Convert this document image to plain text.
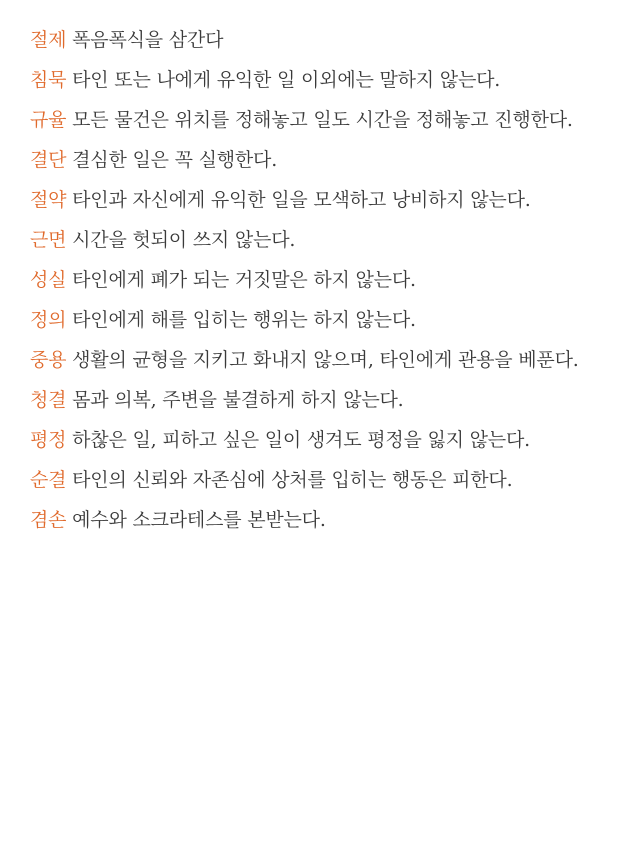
절제 폭음폭식을 삼간다
침묵 타인 또는 나에게 유익한 일 이외에는 말하지 않는다.
규율 모든 물건은 위치를 정해놓고 일도 시간을 정해놓고 진행한다.
결단 결심한 일은 꼭 실행한다.
절약 타인과 자신에게 유익한 일을 모색하고 낭비하지 않는다.
근면 시간을 헛되이 쓰지 않는다.
성실 타인에게 폐가 되는 거짓말은 하지 않는다.
정의 타인에게 해를 입히는 행위는 하지 않는다.
중용 생활의 균형을 지키고 화내지 않으며, 타인에게 관용을 베푼다.
청결 몸과 의복, 주변을 불결하게 하지 않는다.
평정 하찮은 일, 피하고 싶은 일이 생겨도 평정을 잃지 않는다.
순결 타인의 신뢰와 자존심에 상처를 입히는 행동은 피한다.
겸손 예수와 소크라테스를 본받는다.
